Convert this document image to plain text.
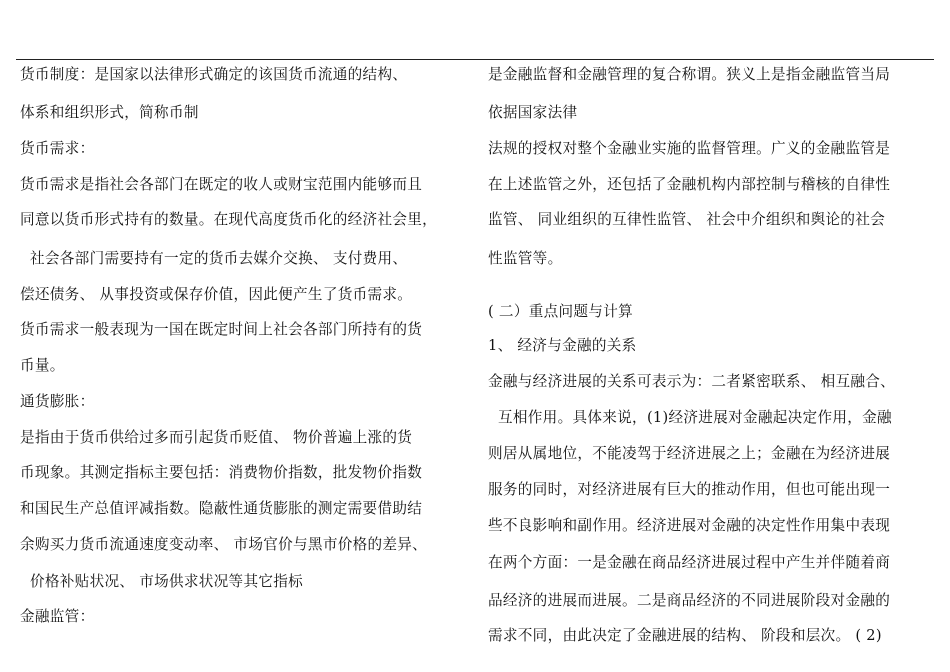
货币制度：是国家以法律形式确定的该国货币流通的结构、
体系和组织形式，简称币制
货币需求：
货币需求是指社会各部门在既定的收人或财宝范围内能够而且
同意以货币形式持有的数量。在现代高度货币化的经济社会里，
社会各部门需要持有一定的货币去媒介交换、 支付费用、
偿还债务、 从事投资或保存价值，因此便产生了货币需求。
货币需求一般表现为一国在既定时间上社会各部门所持有的货
币量。
通货膨胀：
是指由于货币供给过多而引起货币贬值、 物价普遍上涨的货
币现象。其测定指标主要包括：消费物价指数，批发物价指数
和国民生产总值评减指数。隐蔽性通货膨胀的测定需要借助结
余购买力货币流通速度变动率、 市场官价与黑市价格的差异、
价格补贴状况、 市场供求状况等其它指标
金融监管：
是金融监督和金融管理的复合称谓。狭义上是指金融监管当局
依据国家法律
法规的授权对整个金融业实施的监督管理。广义的金融监管是
在上述监管之外，还包括了金融机构内部控制与稽核的自律性
监管、 同业组织的互律性监管、 社会中介组织和舆论的社会
性监管等。
( 二）重点问题与计算
1、 经济与金融的关系
金融与经济进展的关系可表示为：二者紧密联系、 相互融合、
互相作用。具体来说，(1)经济进展对金融起决定作用，金融
则居从属地位，不能凌驾于经济进展之上；金融在为经济进展
服务的同时，对经济进展有巨大的推动作用，但也可能出现一
些不良影响和副作用。经济进展对金融的决定性作用集中表现
在两个方面：一是金融在商品经济进展过程中产生并伴随着商
品经济的进展而进展。二是商品经济的不同进展阶段对金融的
需求不同，由此决定了金融进展的结构、 阶段和层次。 ( 2)
